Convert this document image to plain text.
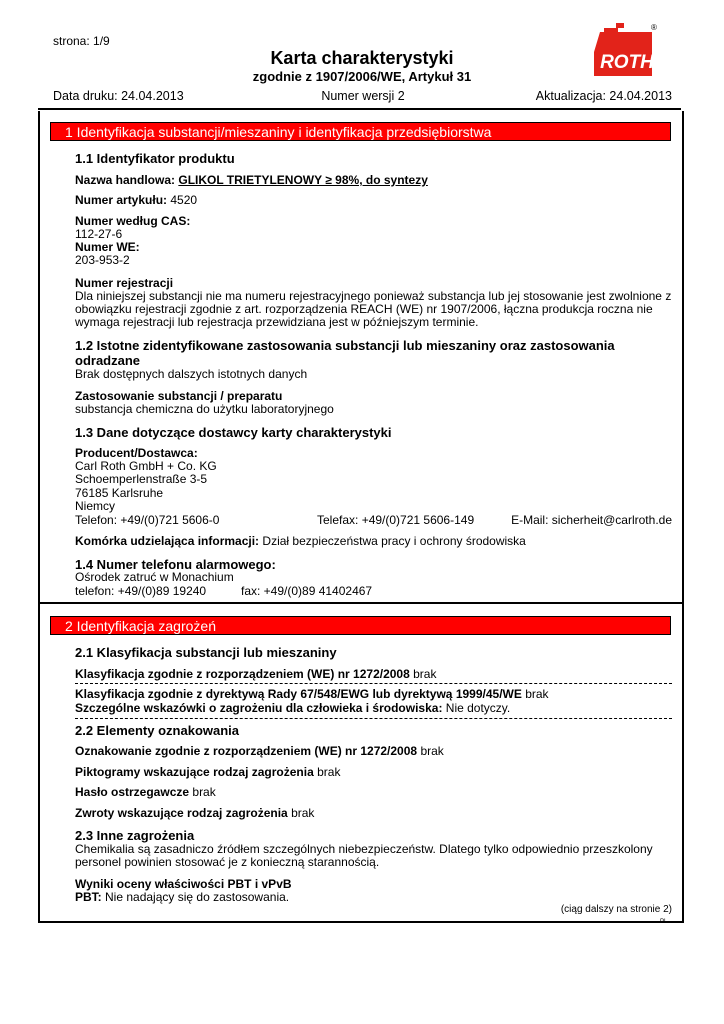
strona: 1/9
Karta charakterystyki
zgodnie z 1907/2006/WE, Artykuł 31
ROTH
®
Data druku: 24.04.2013	Numer wersji 2	Aktualizacja: 24.04.2013
1 Identyfikacja substancji/mieszaniny i identyfikacja przedsiębiorstwa
1.1 Identyfikator produktu
Nazwa handlowa: GLIKOL TRIETYLENOWY ≥ 98%, do syntezy
Numer artykułu: 4520
Numer według CAS:
112-27-6
Numer WE:
203-953-2
Numer rejestracji
Dla niniejszej substancji nie ma numeru rejestracyjnego ponieważ substancja lub jej stosowanie jest zwolnione z obowiązku rejestracji zgodnie z art. rozporządzenia REACH (WE) nr 1907/2006, łączna produkcja roczna nie wymaga rejestracji lub rejestracja przewidziana jest w późniejszym terminie.
1.2 Istotne zidentyfikowane zastosowania substancji lub mieszaniny oraz zastosowania odradzane
Brak dostępnych dalszych istotnych danych
Zastosowanie substancji / preparatu
substancja chemiczna do użytku laboratoryjnego
1.3 Dane dotyczące dostawcy karty charakterystyki
Producent/Dostawca:
Carl Roth GmbH + Co. KG
Schoemperlenstraße 3-5
76185 Karlsruhe
Niemcy
Telefon: +49/(0)721 5606-0	Telefax: +49/(0)721 5606-149	E-Mail: sicherheit@carlroth.de
Komórka udzielająca informacji: Dział bezpieczeństwa pracy i ochrony środowiska
1.4 Numer telefonu alarmowego:
Ośrodek zatruć w Monachium
telefon: +49/(0)89 19240	fax: +49/(0)89 41402467
2 Identyfikacja zagrożeń
2.1 Klasyfikacja substancji lub mieszaniny
Klasyfikacja zgodnie z rozporządzeniem (WE) nr 1272/2008 brak
Klasyfikacja zgodnie z dyrektywą Rady 67/548/EWG lub dyrektywą 1999/45/WE brak
Szczególne wskazówki o zagrożeniu dla człowieka i środowiska: Nie dotyczy.
2.2 Elementy oznakowania
Oznakowanie zgodnie z rozporządzeniem (WE) nr 1272/2008 brak
Piktogramy wskazujące rodzaj zagrożenia brak
Hasło ostrzegawcze brak
Zwroty wskazujące rodzaj zagrożenia brak
2.3 Inne zagrożenia
Chemikalia są zasadniczo źródłem szczególnych niebezpieczeństw. Dlatego tylko odpowiednio przeszkolony personel powinien stosować je z konieczną starannością.
Wyniki oceny właściwości PBT i vPvB
PBT: Nie nadający się do zastosowania.
(ciąg dalszy na stronie 2)
PL
